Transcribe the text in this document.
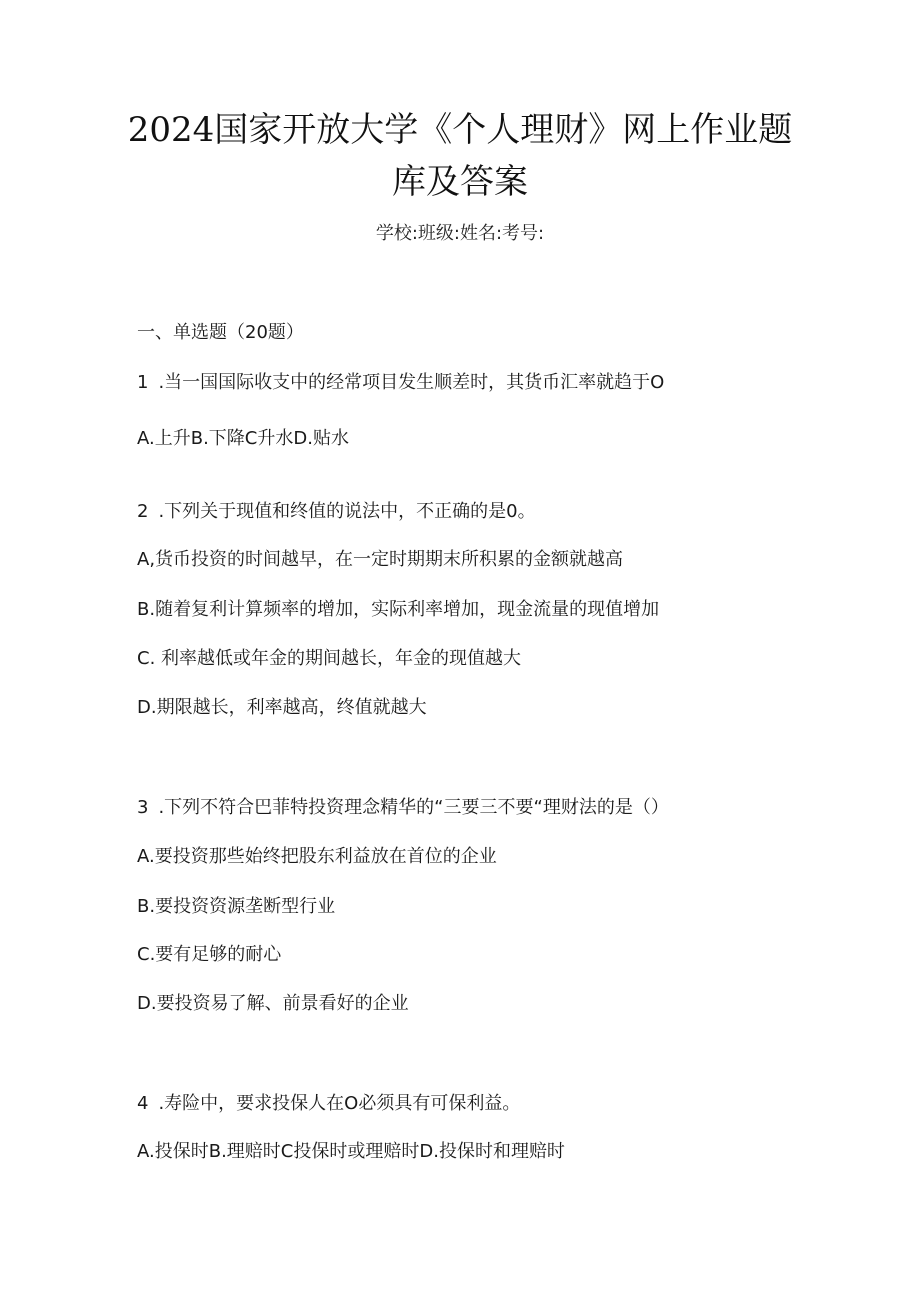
2024国家开放大学《个人理财》网上作业题
库及答案
学校:班级:姓名:考号:
一、单选题（20题）
1 .当一国国际收支中的经常项目发生顺差时，其货币汇率就趋于O
A.上升B.下降C升水D.贴水
2 .下列关于现值和终值的说法中，不正确的是0。
A,货币投资的时间越早，在一定时期期末所积累的金额就越高
B.随着复利计算频率的增加，实际利率增加，现金流量的现值增加
C. 利率越低或年金的期间越长，年金的现值越大
D.期限越长，利率越高，终值就越大
3 .下列不符合巴菲特投资理念精华的“三要三不要“理财法的是（）
A.要投资那些始终把股东利益放在首位的企业
B.要投资资源垄断型行业
C.要有足够的耐心
D.要投资易了解、前景看好的企业
4 .寿险中，要求投保人在O必须具有可保利益。
A.投保时B.理赔时C投保时或理赔时D.投保时和理赔时
